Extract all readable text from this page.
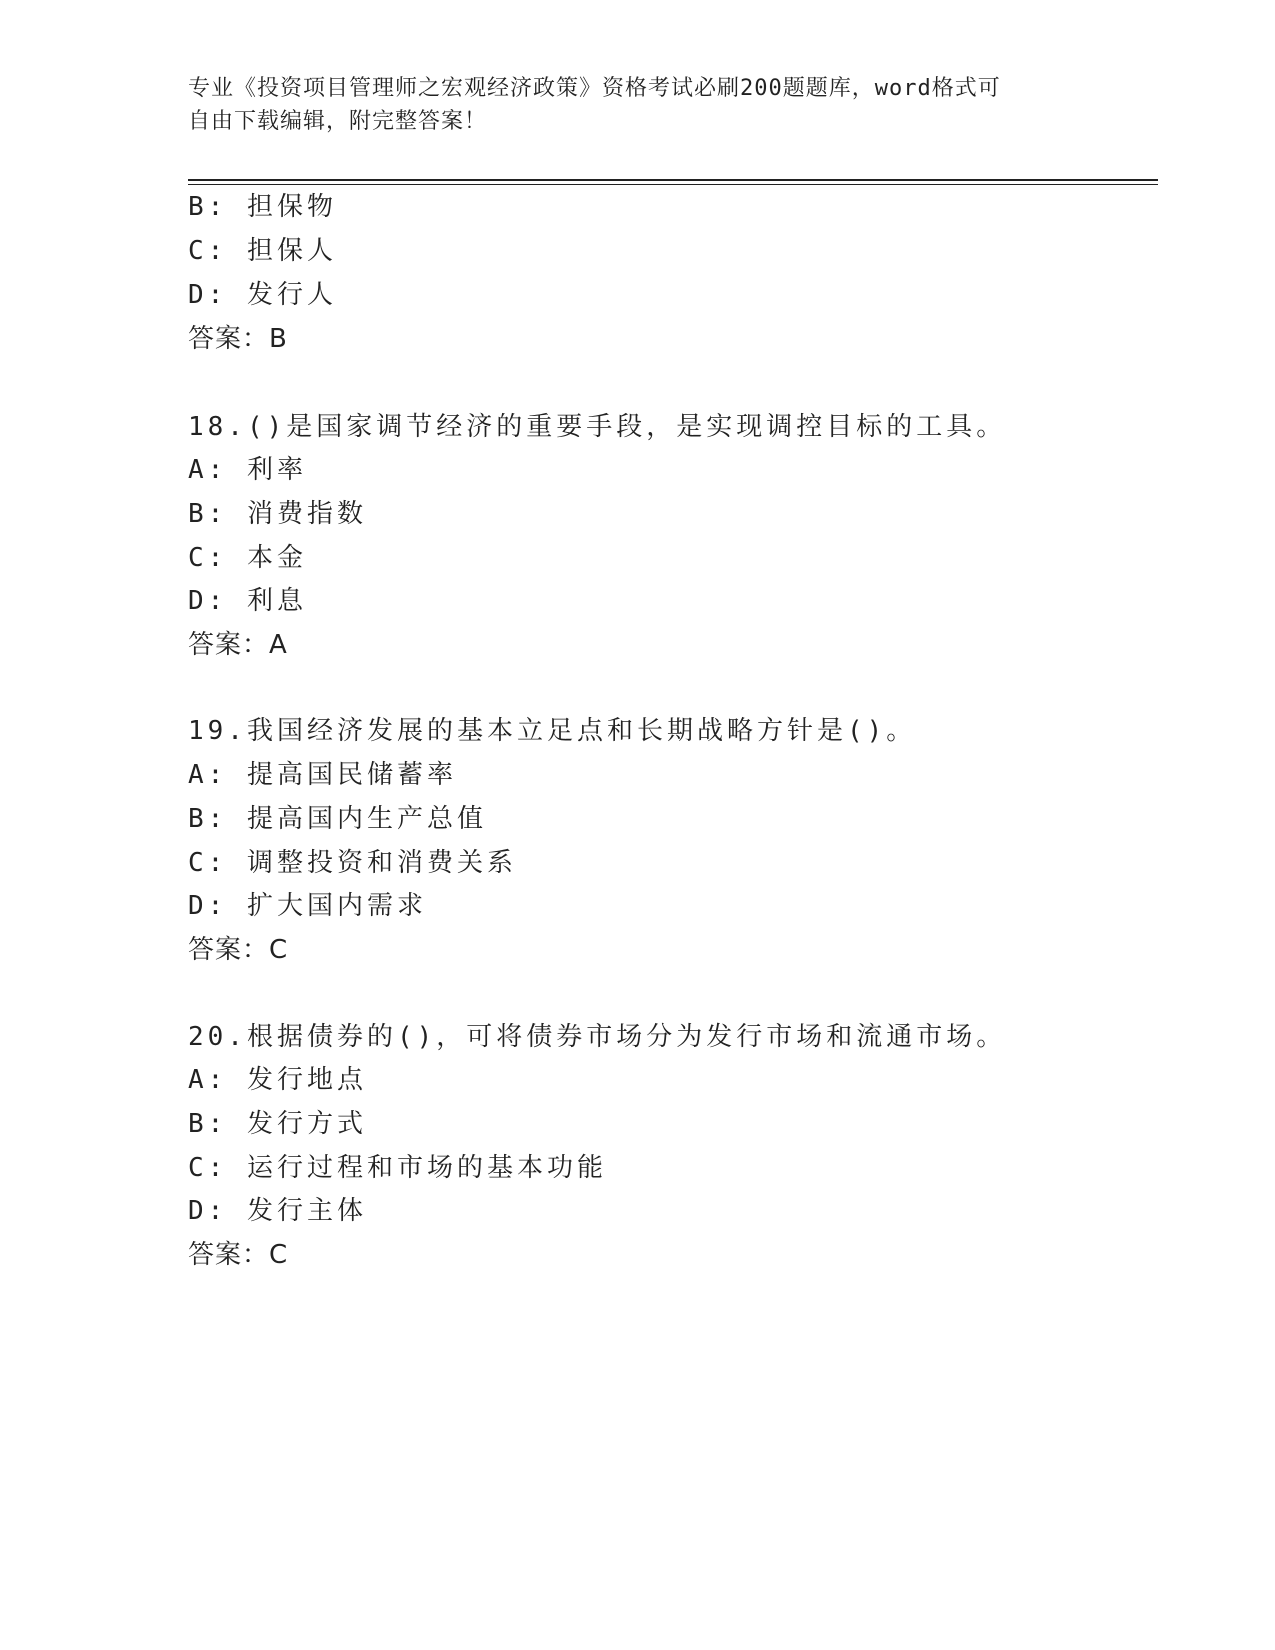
专业《投资项目管理师之宏观经济政策》资格考试必刷200题题库，word格式可
自由下载编辑，附完整答案！
B: 担保物
C: 担保人
D: 发行人
答案：B
18.()是国家调节经济的重要手段，是实现调控目标的工具。
A: 利率
B: 消费指数
C: 本金
D: 利息
答案：A
19.我国经济发展的基本立足点和长期战略方针是()。
A: 提高国民储蓄率
B: 提高国内生产总值
C: 调整投资和消费关系
D: 扩大国内需求
答案：C
20.根据债券的()，可将债券市场分为发行市场和流通市场。
A: 发行地点
B: 发行方式
C: 运行过程和市场的基本功能
D: 发行主体
答案：C
